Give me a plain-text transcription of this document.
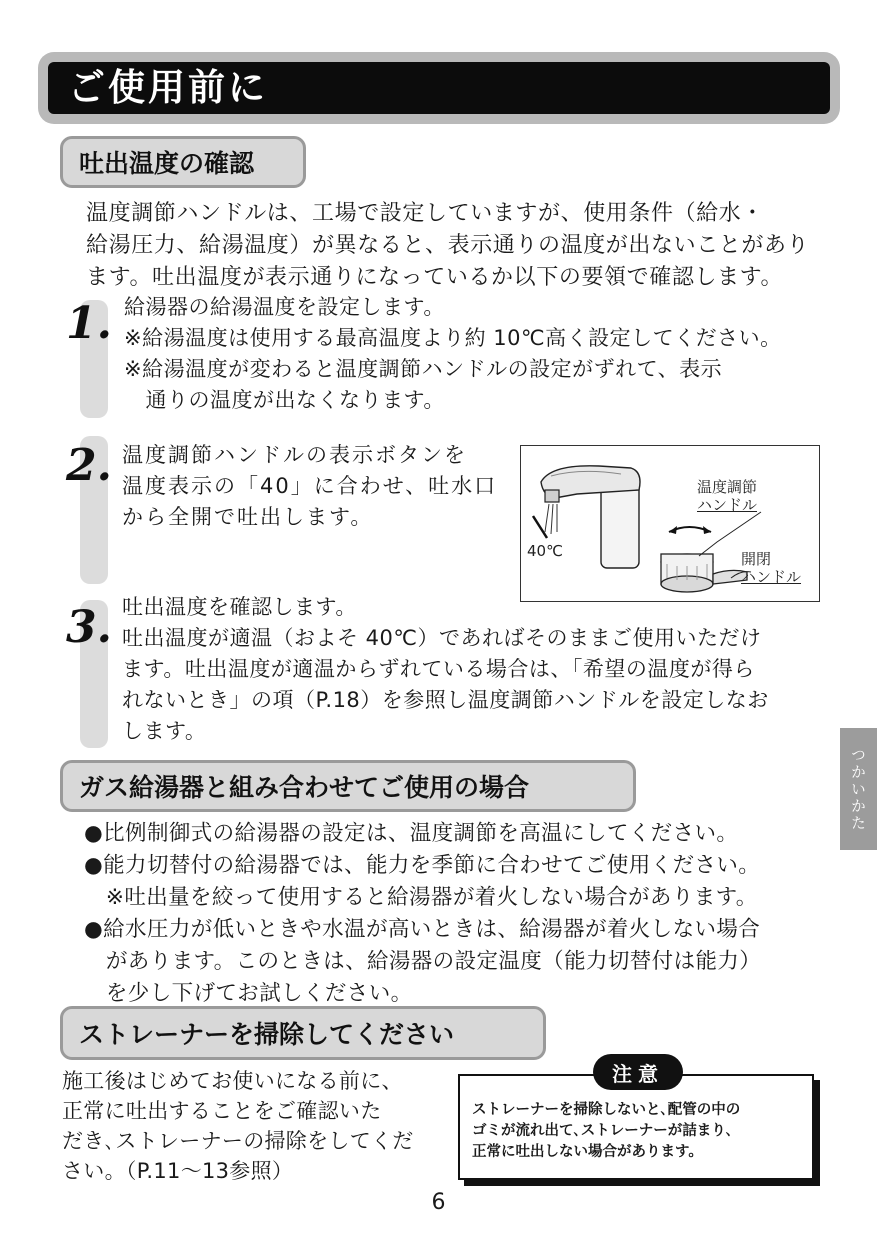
ご使用前に
吐出温度の確認
温度調節ハンドルは、工場で設定していますが、使用条件（給水・
給湯圧力、給湯温度）が異なると、表示通りの温度が出ないことがあり
ます。吐出温度が表示通りになっているか以下の要領で確認します。
1. 給湯器の給湯温度を設定します。
※給湯温度は使用する最高温度より約 10℃高く設定してください。
※給湯温度が変わると温度調節ハンドルの設定がずれて、表示
　通りの温度が出なくなります。
2. 温度調節ハンドルの表示ボタンを
温度表示の「40」に合わせ、吐水口
から全開で吐出します。
40℃
温度調節
ハンドル
開閉
ハンドル
3. 吐出温度を確認します。
吐出温度が適温（およそ 40℃）であればそのままご使用いただけ
ます。吐出温度が適温からずれている場合は、「希望の温度が得ら
れないとき」の項（P.18）を参照し温度調節ハンドルを設定しなお
します。
つかいかた
ガス給湯器と組み合わせてご使用の場合
●比例制御式の給湯器の設定は、温度調節を高温にしてください。
●能力切替付の給湯器では、能力を季節に合わせてご使用ください。
　※吐出量を絞って使用すると給湯器が着火しない場合があります。
●給水圧力が低いときや水温が高いときは、給湯器が着火しない場合
　があります。このときは、給湯器の設定温度（能力切替付は能力）
　を少し下げてお試しください。
ストレーナーを掃除してください
施工後はじめてお使いになる前に、
正常に吐出することをご確認いた
だき､ストレーナーの掃除をしてくだ
さい｡（P.11〜13参照）
ストレーナーを掃除しないと､配管の中の
ゴミが流れ出て､ストレーナーが詰まり､
正常に吐出しない場合があります。
注意
6
